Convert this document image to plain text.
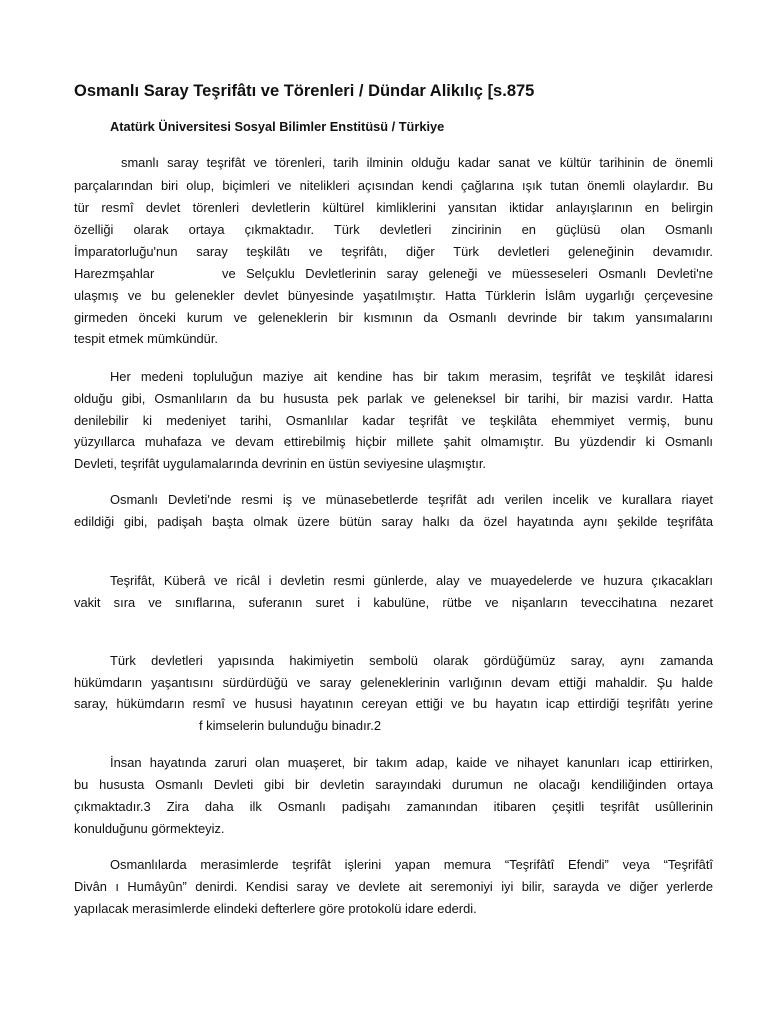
Osmanlı Saray Teşrifâtı ve Törenleri / Dündar Alikılıç [s.875

Atatürk Üniversitesi Sosyal Bilimler Enstitüsü / Türkiye

smanlı saray teşrifât ve törenleri, tarih ilminin olduğu kadar sanat ve kültür tarihinin de önemli

parçalarından biri olup, biçimleri ve nitelikleri açısından kendi çağlarına ışık tutan önemli olaylardır. Bu

tür resmî devlet törenleri devletlerin kültürel kimliklerini yansıtan iktidar anlayışlarının en belirgin

özelliği olarak ortaya çıkmaktadır. Türk devletleri zincirinin en güçlüsü olan Osmanlı

İmparatorluğu'nun saray teşkilâtı ve teşrifâtı, diğer Türk devletleri geleneğinin devamıdır.

Harezmşahlar	ve Selçuklu Devletlerinin saray geleneği ve müesseseleri Osmanlı Devleti'ne

ulaşmış ve bu gelenekler devlet bünyesinde yaşatılmıştır. Hatta Türklerin İslâm uygarlığı çerçevesine

girmeden önceki kurum ve geleneklerin bir kısmının da Osmanlı devrinde bir takım yansımalarını

tespit etmek mümkündür.

Her medeni topluluğun maziye ait kendine has bir takım merasim, teşrifât ve teşkilât idaresi

olduğu gibi, Osmanlıların da bu hususta pek parlak ve geleneksel bir tarihi, bir mazisi vardır. Hatta

denilebilir ki medeniyet tarihi, Osmanlılar kadar teşrifât ve teşkilâta ehemmiyet vermiş, bunu

yüzyıllarca muhafaza ve devam ettirebilmiş hiçbir millete şahit olmamıştır. Bu yüzdendir ki Osmanlı

Devleti, teşrifât uygulamalarında devrinin en üstün seviyesine ulaşmıştır.

Osmanlı Devleti'nde resmi iş ve münasebetlerde teşrifât adı verilen incelik ve kurallara riayet

edildiği gibi, padişah başta olmak üzere bütün saray halkı da özel hayatında aynı şekilde teşrifâta

Teşrifât, Küberâ ve ricâl i devletin resmi günlerde, alay ve muayedelerde ve huzura çıkacakları

vakit sıra ve sınıflarına, suferanın suret i kabulüne, rütbe ve nişanların teveccihatına nezaret

Türk devletleri yapısında hakimiyetin sembolü olarak gördüğümüz saray, aynı zamanda

hükümdarın yaşantısını sürdürdüğü ve saray geleneklerinin varlığının devam ettiği mahaldir. Şu halde

saray, hükümdarın resmî ve hususi hayatının cereyan ettiği ve bu hayatın icap ettirdiği teşrifâtı yerine

f kimselerin bulunduğu binadır.2

İnsan hayatında zaruri olan muaşeret, bir takım adap, kaide ve nihayet kanunları icap ettirirken,

bu hususta Osmanlı Devleti gibi bir devletin sarayındaki durumun ne olacağı kendiliğinden ortaya

çıkmaktadır.3 Zira daha ilk Osmanlı padişahı zamanından itibaren çeşitli teşrifât usûllerinin

konulduğunu görmekteyiz.

Osmanlılarda merasimlerde teşrifât işlerini yapan memura “Teşrifâtî Efendi” veya “Teşrifâtî

Divân ı Humâyûn” denirdi. Kendisi saray ve devlete ait seremoniyi iyi bilir, sarayda ve diğer yerlerde

yapılacak merasimlerde elindeki defterlere göre protokolü idare ederdi.
